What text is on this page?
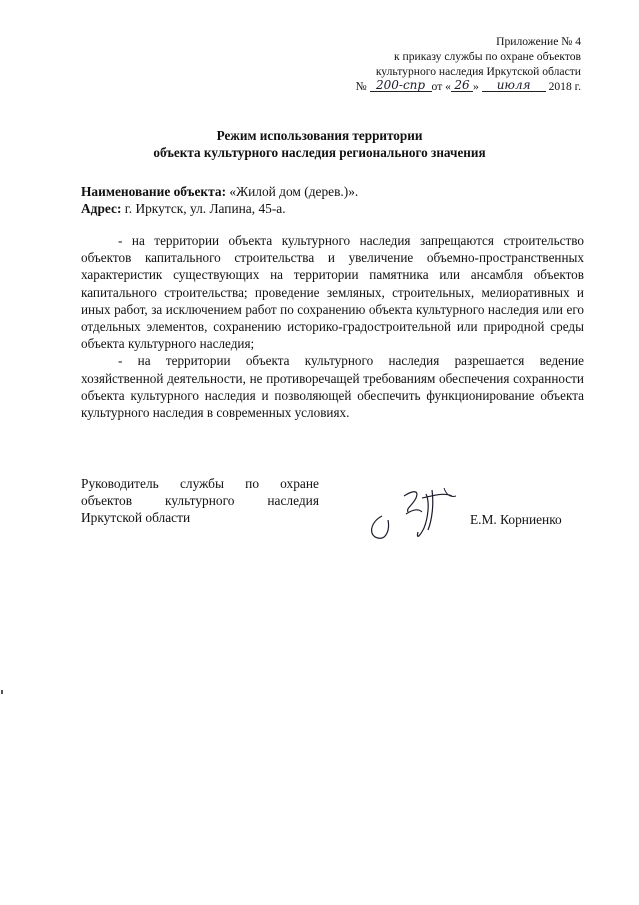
Приложение № 4
к приказу службы по охране объектов
культурного наследия Иркутской области
№ 200-спр от « 26 » июля 2018 г.
Режим использования территории
объекта культурного наследия регионального значения
Наименование объекта: «Жилой дом (дерев.)».
Адрес: г. Иркутск, ул. Лапина, 45-а.

- на территории объекта культурного наследия запрещаются строительство объектов капитального строительства и увеличение объемно-пространственных характеристик существующих на территории памятника или ансамбля объектов капитального строительства; проведение земляных, строительных, мелиоративных и иных работ, за исключением работ по сохранению объекта культурного наследия или его отдельных элементов, сохранению историко-градостроительной или природной среды объекта культурного наследия;

- на территории объекта культурного наследия разрешается ведение хозяйственной деятельности, не противоречащей требованиям обеспечения сохранности объекта культурного наследия и позволяющей обеспечить функционирование объекта культурного наследия в современных условиях.

Руководитель службы по охране объектов культурного наследия Иркутской области	Е.М. Корниенко
